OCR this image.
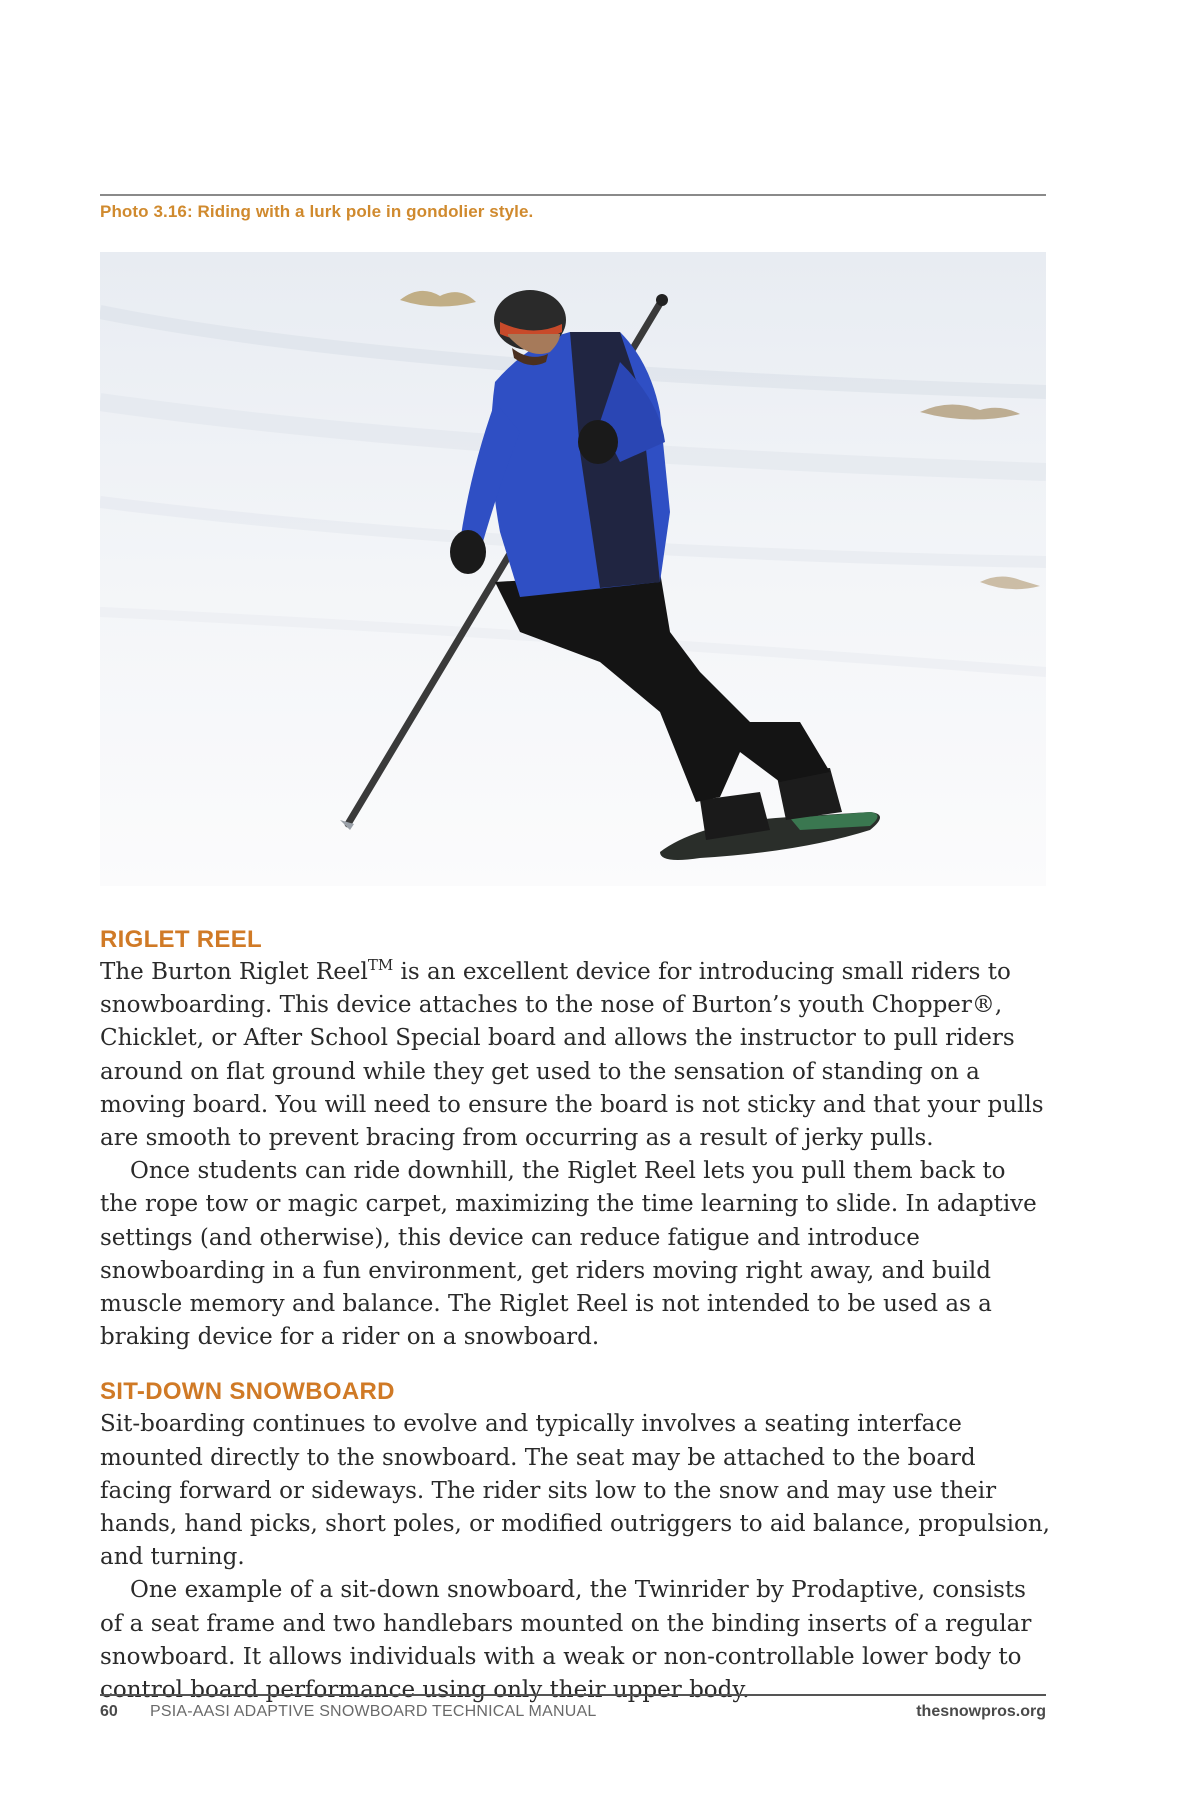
Photo 3.16: Riding with a lurk pole in gondolier style.
RIGLET REEL

The Burton Riglet Reel™ is an excellent device for introducing small riders to snowboarding. This device attaches to the nose of Burton’s youth Chopper®, Chicklet, or After School Special board and allows the instructor to pull riders around on flat ground while they get used to the sensation of standing on a moving board. You will need to ensure the board is not sticky and that your pulls are smooth to prevent bracing from occurring as a result of jerky pulls.

Once students can ride downhill, the Riglet Reel lets you pull them back to the rope tow or magic carpet, maximizing the time learning to slide. In adaptive settings (and otherwise), this device can reduce fatigue and introduce snowboarding in a fun environment, get riders moving right away, and build muscle memory and balance. The Riglet Reel is not intended to be used as a braking device for a rider on a snowboard.

SIT-DOWN SNOWBOARD

Sit-boarding continues to evolve and typically involves a seating interface mounted directly to the snowboard. The seat may be attached to the board facing forward or sideways. The rider sits low to the snow and may use their hands, hand picks, short poles, or modified outriggers to aid balance, propulsion, and turning.

One example of a sit-down snowboard, the Twinrider by Prodaptive, consists of a seat frame and two handlebars mounted on the binding inserts of a regular snowboard. It allows individuals with a weak or non-controllable lower body to control board performance using only their upper body.

60 PSIA-AASI ADAPTIVE SNOWBOARD TECHNICAL MANUAL	thesnowpros.org
